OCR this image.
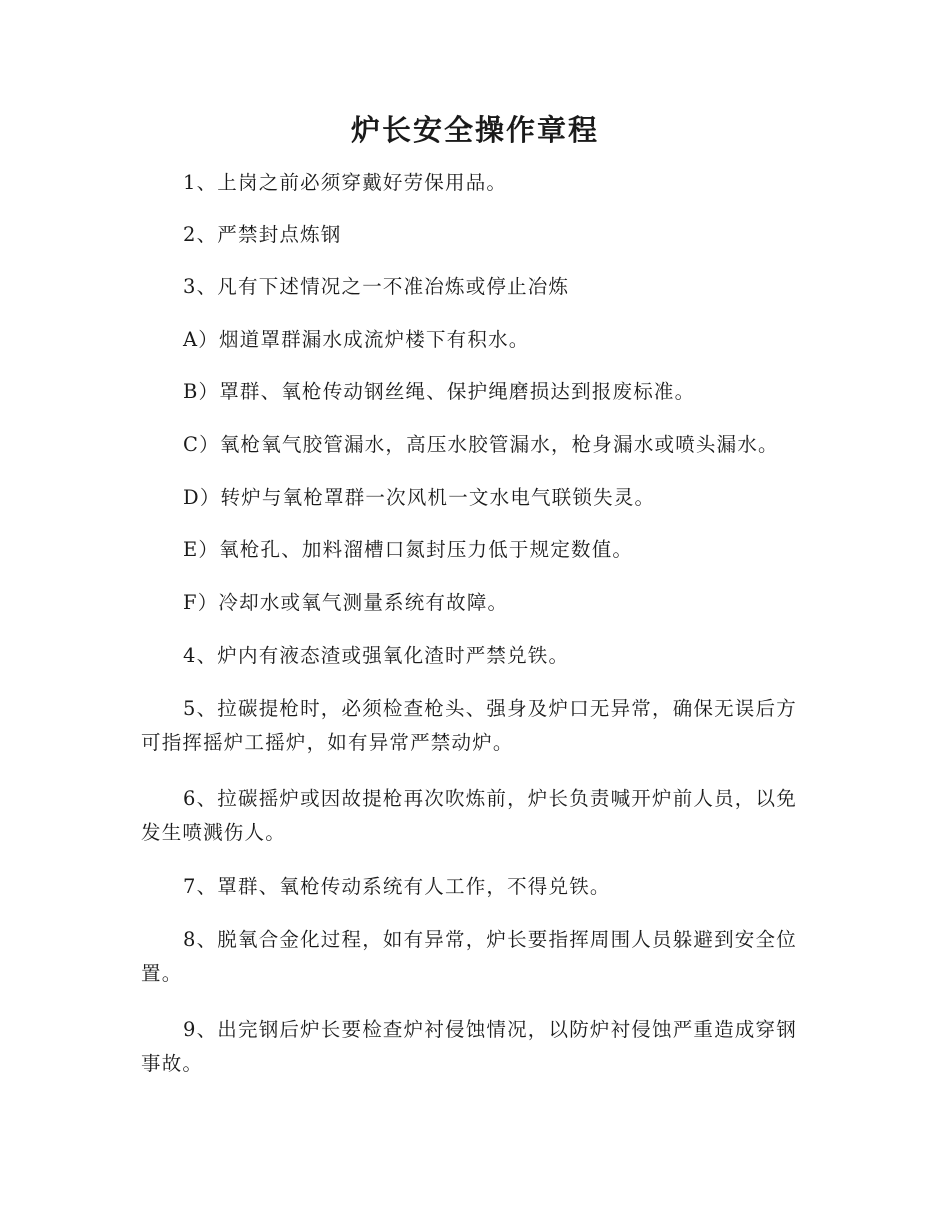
炉长安全操作章程

1、上岗之前必须穿戴好劳保用品。

2、严禁封点炼钢

3、凡有下述情况之一不准冶炼或停止冶炼

A）烟道罩群漏水成流炉楼下有积水。

B）罩群、氧枪传动钢丝绳、保护绳磨损达到报废标准。

C）氧枪氧气胶管漏水，高压水胶管漏水，枪身漏水或喷头漏水。

D）转炉与氧枪罩群一次风机一文水电气联锁失灵。

E）氧枪孔、加料溜槽口氮封压力低于规定数值。

F）冷却水或氧气测量系统有故障。

4、炉内有液态渣或强氧化渣时严禁兑铁。

5、拉碳提枪时，必须检查枪头、强身及炉口无异常，确保无误后方可指挥摇炉工摇炉，如有异常严禁动炉。

6、拉碳摇炉或因故提枪再次吹炼前，炉长负责喊开炉前人员，以免发生喷溅伤人。

7、罩群、氧枪传动系统有人工作，不得兑铁。

8、脱氧合金化过程，如有异常，炉长要指挥周围人员躲避到安全位置。

9、出完钢后炉长要检查炉衬侵蚀情况，以防炉衬侵蚀严重造成穿钢事故。
